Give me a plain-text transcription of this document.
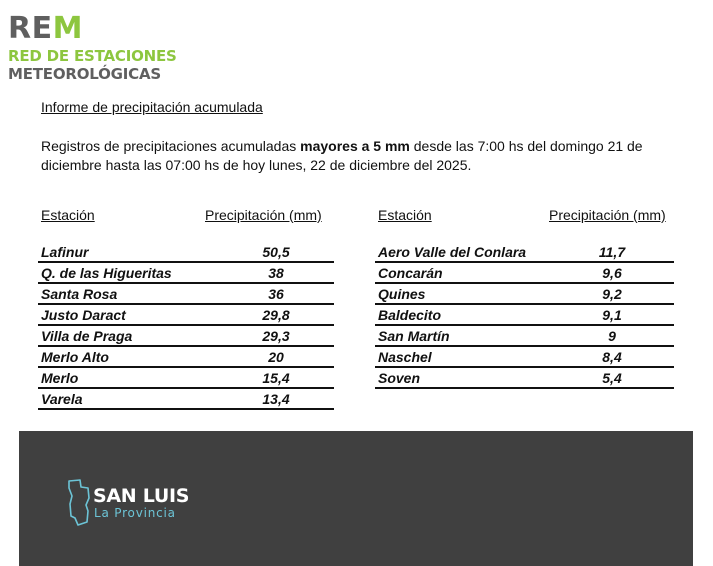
REM
RED DE ESTACIONES
METEOROLÓGICAS
Informe de precipitación acumulada
Registros de precipitaciones acumuladas mayores a 5 mm desde las 7:00 hs del domingo 21 de diciembre hasta las 07:00 hs de hoy lunes, 22 de diciembre del 2025.
Estación	Precipitación (mm)	Estación	Precipitación (mm)
Lafinur	50,5
Q. de las Higueritas	38
Santa Rosa	36
Justo Daract	29,8
Villa de Praga	29,3
Merlo Alto	20
Merlo	15,4
Varela	13,4
Aero Valle del Conlara	11,7
Concarán	9,6
Quines	9,2
Baldecito	9,1
San Martín	9
Naschel	8,4
Soven	5,4
SAN LUIS
La Provincia
